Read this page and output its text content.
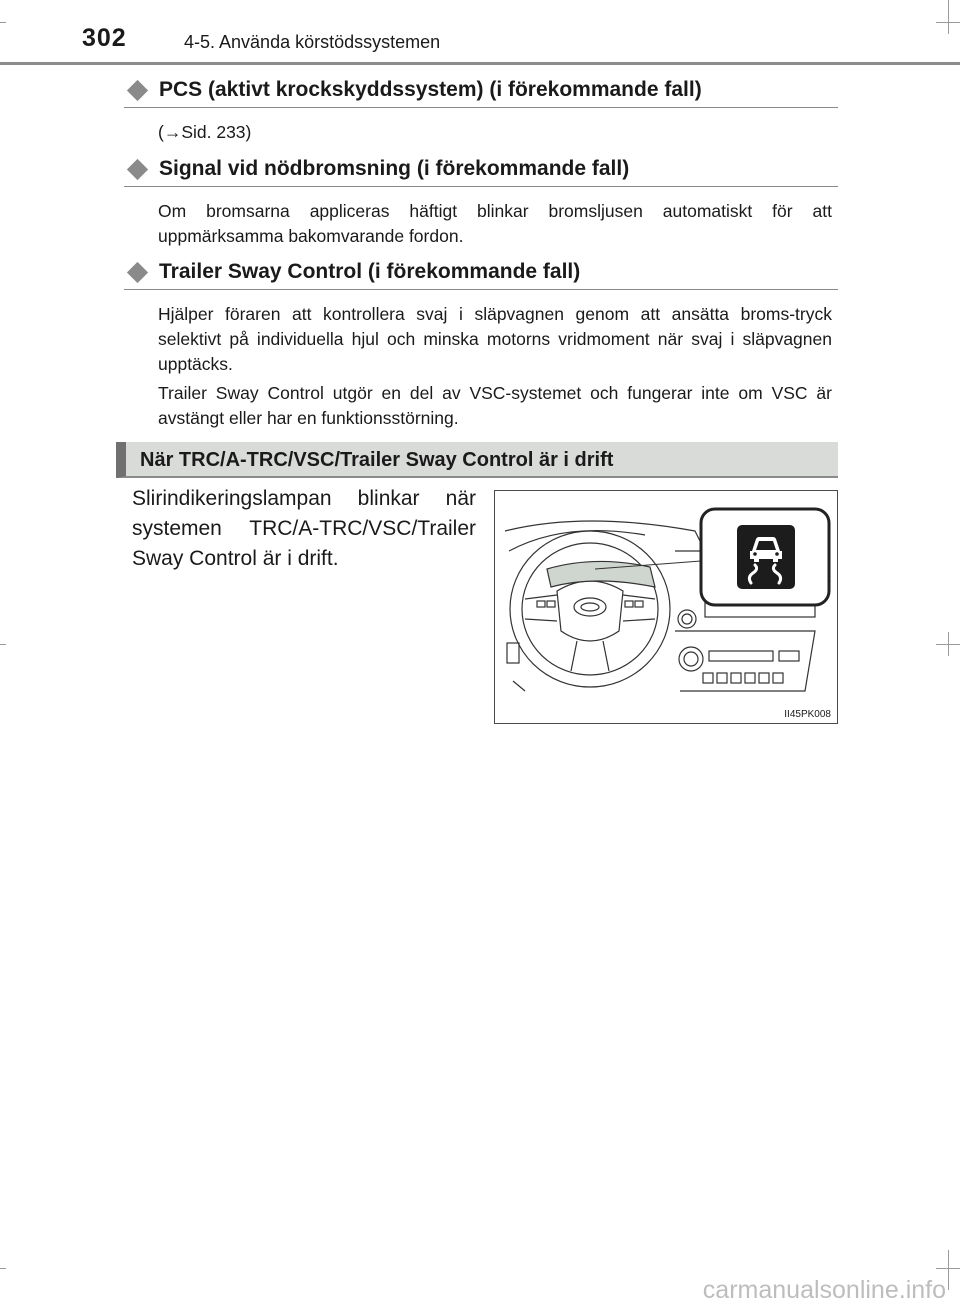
302	4-5. Använda körstödssystemen
PCS (aktivt krockskyddssystem) (i förekommande fall)
(→Sid. 233)
Signal vid nödbromsning (i förekommande fall)
Om bromsarna appliceras häftigt blinkar bromsljusen automatiskt för att uppmärksamma bakomvarande fordon.
Trailer Sway Control (i förekommande fall)
Hjälper föraren att kontrollera svaj i släpvagnen genom att ansätta broms-tryck selektivt på individuella hjul och minska motorns vridmoment när svaj i släpvagnen upptäcks.
Trailer Sway Control utgör en del av VSC-systemet och fungerar inte om VSC är avstängt eller har en funktionsstörning.
När TRC/A-TRC/VSC/Trailer Sway Control är i drift
Slirindikeringslampan blinkar när systemen TRC/A-TRC/VSC/Trailer Sway Control är i drift.
II45PK008
carmanualsonline.info
